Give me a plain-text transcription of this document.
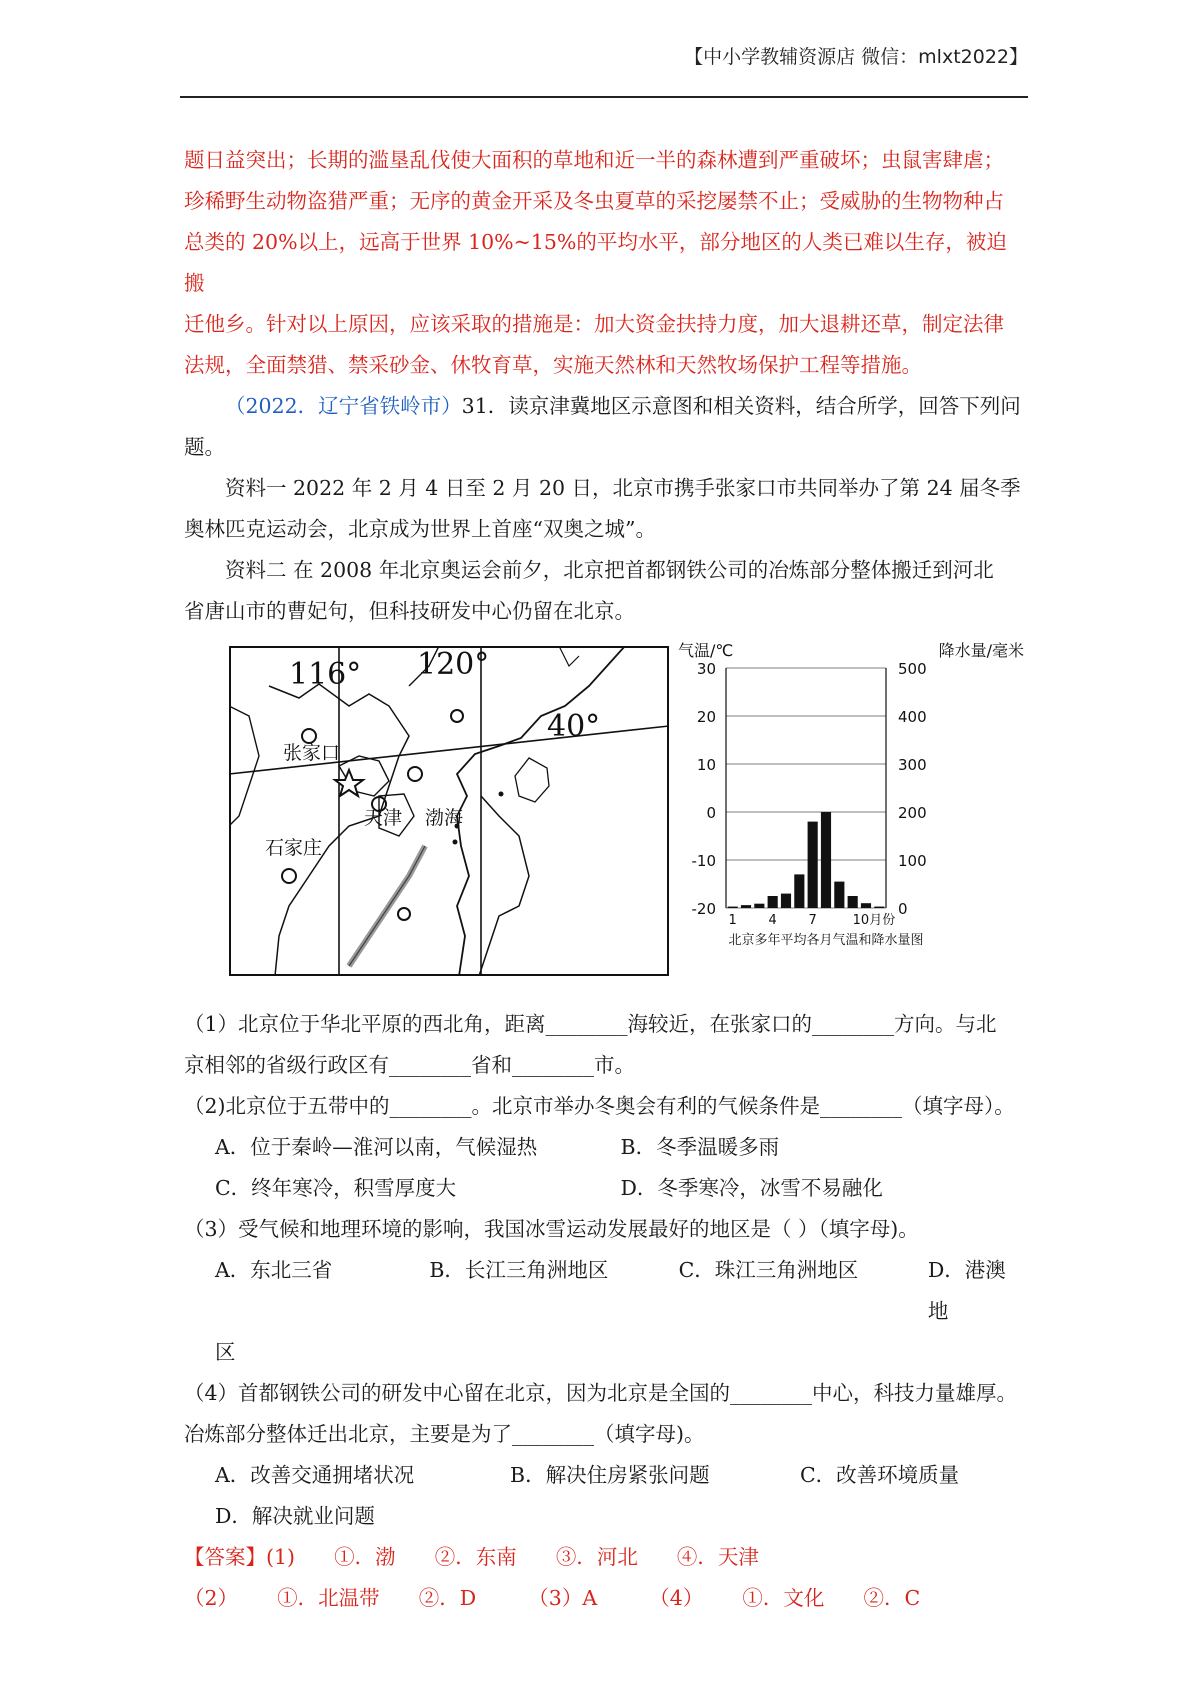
【中小学教辅资源店 微信：mlxt2022】

题日益突出；长期的滥垦乱伐使大面积的草地和近一半的森林遭到严重破坏；虫鼠害肆虐；

珍稀野生动物盗猎严重；无序的黄金开采及冬虫夏草的采挖屡禁不止；受威胁的生物物种占

总类的 20%以上，远高于世界 10%~15%的平均水平，部分地区的人类已难以生存，被迫搬

迁他乡。针对以上原因，应该采取的措施是：加大资金扶持力度，加大退耕还草，制定法律

法规，全面禁猎、禁采砂金、休牧育草，实施天然林和天然牧场保护工程等措施。

（2022．辽宁省铁岭市）31．读京津冀地区示意图和相关资料，结合所学，回答下列问

题。

资料一 2022 年 2 月 4 日至 2 月 20 日，北京市携手张家口市共同举办了第 24 届冬季

奥林匹克运动会，北京成为世界上首座“双奥之城”。

资料二 在 2008 年北京奥运会前夕，北京把首都钢铁公司的冶炼部分整体搬迁到河北

省唐山市的曹妃句，但科技研发中心仍留在北京。

116° 120°
40°
张家口
天津 渤海
石家庄
30	500
20	400
10	300
0	200
-10	100
-20	0
气温/℃	降水量/毫米
1 4 7	10月份
北京多年平均各月气温和降水量图

（1）北京位于华北平原的西北角，距离________海较近，在张家口的________方向。与北

京相邻的省级行政区有________省和________市。

（2)北京位于五带中的________。北京市举办冬奥会有利的气候条件是________（填字母）。

A．位于秦岭—淮河以南，气候湿热	B．冬季温暖多雨
C．终年寒冷，积雪厚度大	D．冬季寒冷，冰雪不易融化

（3）受气候和地理环境的影响，我国冰雪运动发展最好的地区是（ ）（填字母)。

A．东北三省	B．长江三角洲地区	C．珠江三角洲地区	D．港澳地
区

（4）首都钢铁公司的研发中心留在北京，因为北京是全国的________中心，科技力量雄厚。

冶炼部分整体迁出北京，主要是为了________（填字母)。

A．改善交通拥堵状况	B．解决住房紧张问题	C．改善环境质量
D．解决就业问题

【答案】(1)      ①．渤      ②．东南      ③．河北      ④．天津

（2）      ①．北温带      ②．D        （3）A        （4）      ①．文化      ②．C
